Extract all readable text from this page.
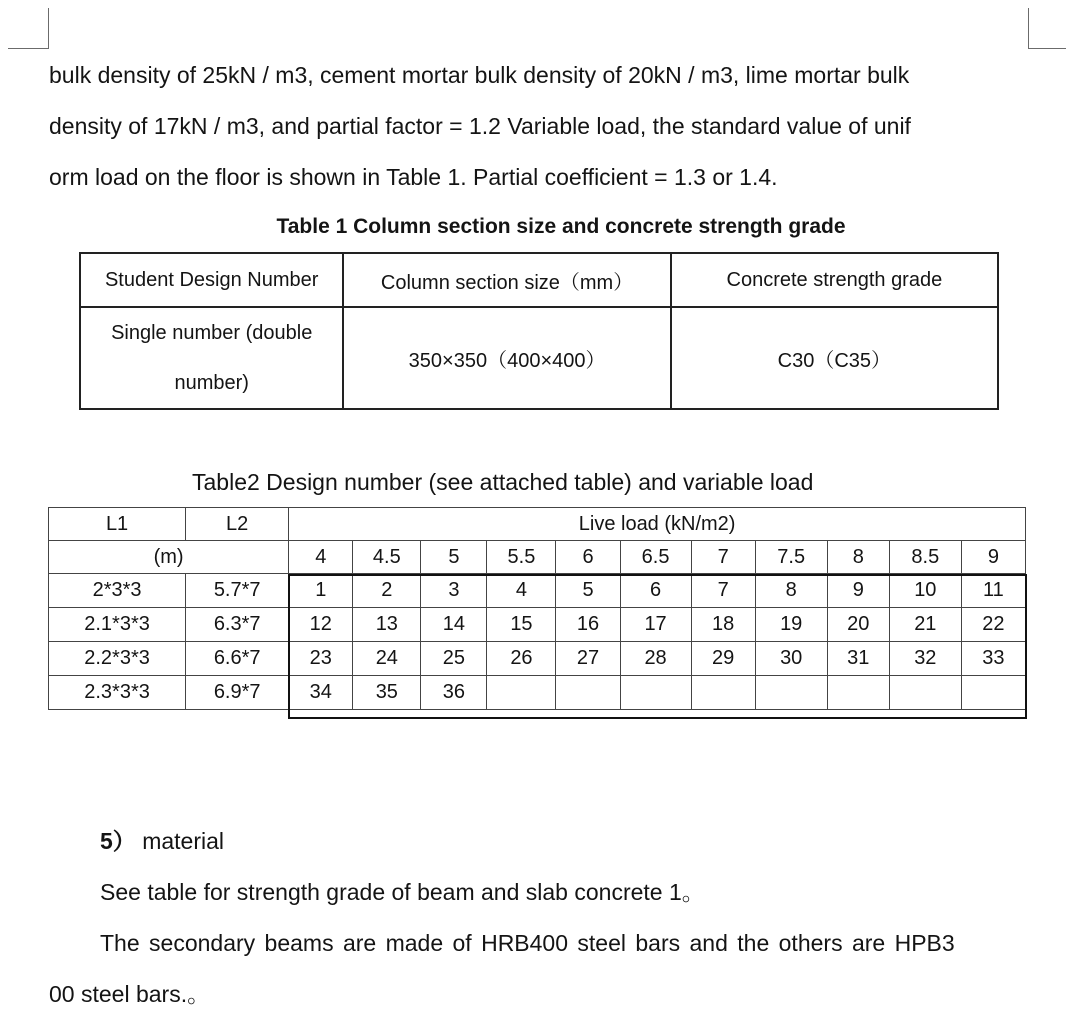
bulk density of 25kN / m3, cement mortar bulk density of 20kN / m3, lime mortar bulk
density of 17kN / m3, and partial factor = 1.2 Variable load, the standard value of unif
orm load on the floor is shown in Table 1. Partial coefficient = 1.3 or 1.4.
Table 1 Column section size and concrete strength grade
Student Design Number	Column section size（mm）	Concrete strength grade
Single number (double number)	350×350（400×400）	C30（C35）
Table2 Design number (see attached table) and variable load
L1	L2	Live load (kN/m2)										
(m)		4	4.5	5	5.5	6	6.5	7	7.5	8	8.5	9
2*3*3	5.7*7	1	2	3	4	5	6	7	8	9	10	11
2.1*3*3	6.3*7	12	13	14	15	16	17	18	19	20	21	22
2.2*3*3	6.6*7	23	24	25	26	27	28	29	30	31	32	33
2.3*3*3	6.9*7	34	35	36								
5） material
See table for strength grade of beam and slab concrete 1。
The secondary beams are made of HRB400 steel bars and the others are HPB3
00 steel bars.。
